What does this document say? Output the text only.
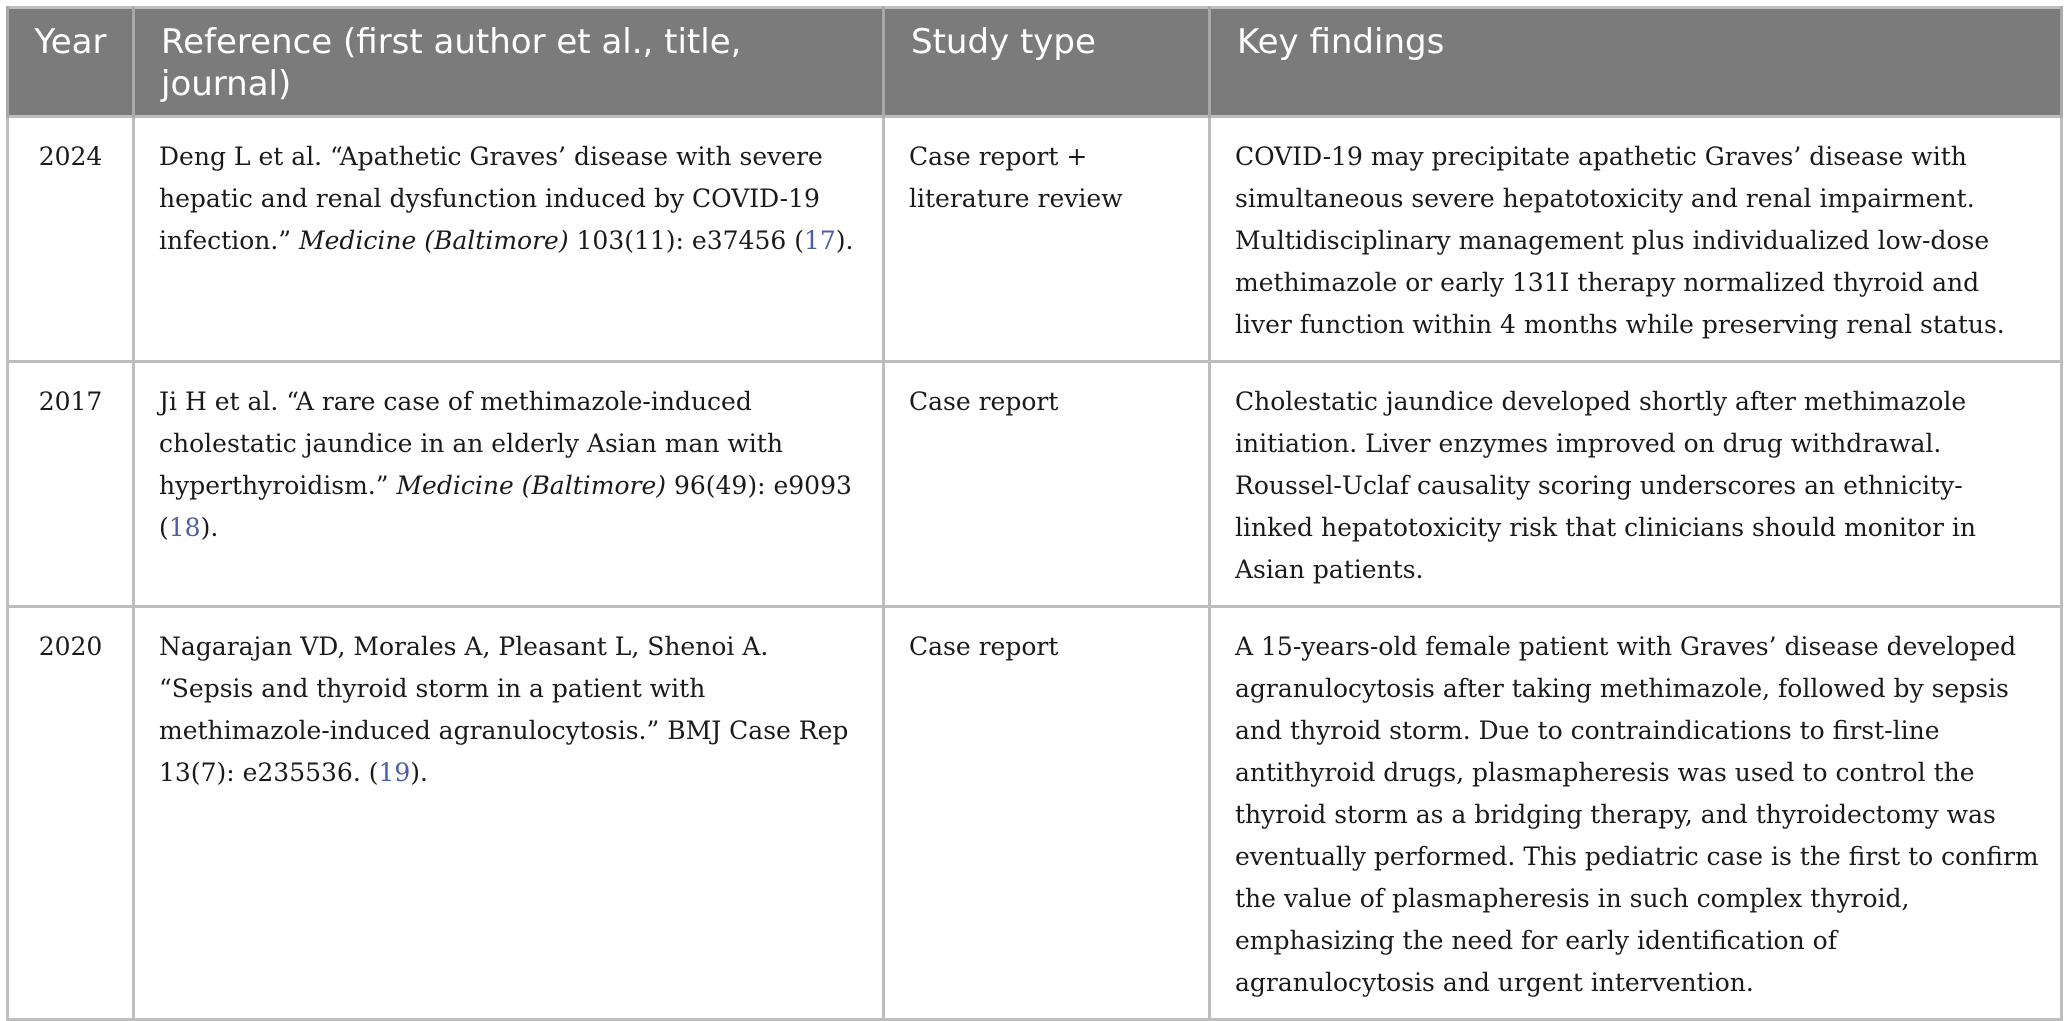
Year	Reference (first author et al., title, journal)	Study type	Key findings
2024	Deng L et al. “Apathetic Graves’ disease with severe hepatic and renal dysfunction induced by COVID-19 infection.” Medicine (Baltimore) 103(11): e37456 (17).	Case report + literature review	COVID-19 may precipitate apathetic Graves’ disease with simultaneous severe hepatotoxicity and renal impairment. Multidisciplinary management plus individualized low-dose methimazole or early 131I therapy normalized thyroid and liver function within 4 months while preserving renal status.
2017	Ji H et al. “A rare case of methimazole-induced cholestatic jaundice in an elderly Asian man with hyperthyroidism.” Medicine (Baltimore) 96(49): e9093 (18).	Case report	Cholestatic jaundice developed shortly after methimazole initiation. Liver enzymes improved on drug withdrawal. Roussel-Uclaf causality scoring underscores an ethnicity-linked hepatotoxicity risk that clinicians should monitor in Asian patients.
2020	Nagarajan VD, Morales A, Pleasant L, Shenoi A. “Sepsis and thyroid storm in a patient with methimazole-induced agranulocytosis.” BMJ Case Rep 13(7): e235536. (19).	Case report	A 15-years-old female patient with Graves’ disease developed agranulocytosis after taking methimazole, followed by sepsis and thyroid storm. Due to contraindications to first-line antithyroid drugs, plasmapheresis was used to control the thyroid storm as a bridging therapy, and thyroidectomy was eventually performed. This pediatric case is the first to confirm the value of plasmapheresis in such complex thyroid, emphasizing the need for early identification of agranulocytosis and urgent intervention.
